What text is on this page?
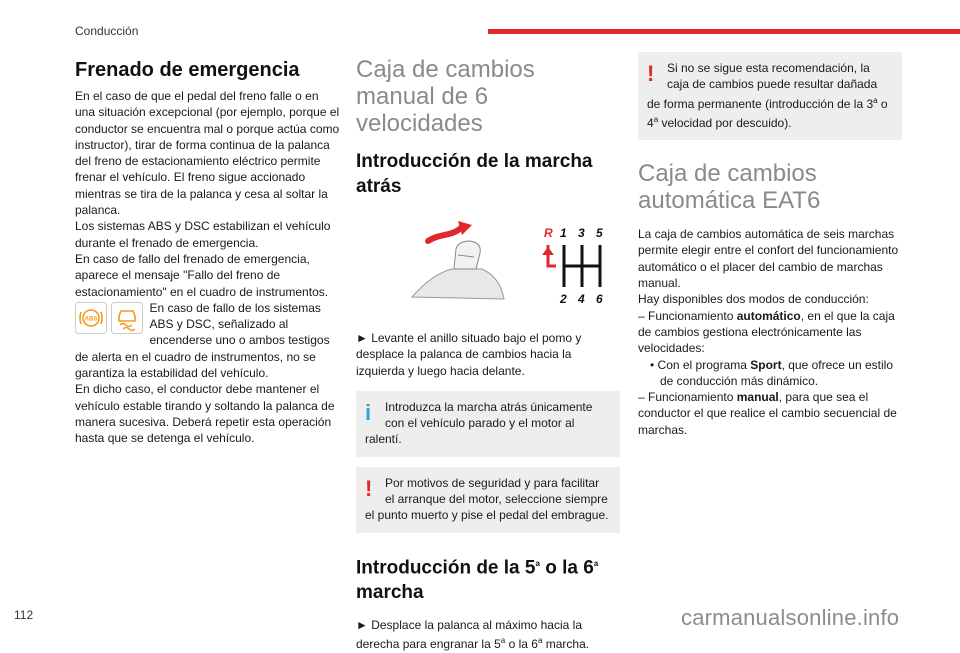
Conducción
Frenado de emergencia

En el caso de que el pedal del freno falle o en una situación excepcional (por ejemplo, porque el conductor se encuentra mal o porque actúa como instructor), tirar de forma continua de la palanca del freno de estacionamiento eléctrico permite frenar el vehículo. El freno sigue accionado mientras se tira de la palanca y cesa al soltar la palanca.

Los sistemas ABS y DSC estabilizan el vehículo durante el frenado de emergencia.

En caso de fallo del frenado de emergencia, aparece el mensaje "Fallo del freno de estacionamiento" en el cuadro de instrumentos.

ABS

En caso de fallo de los sistemas ABS y DSC, señalizado al encenderse uno o ambos testigos de alerta en el cuadro de instrumentos, no se garantiza la estabilidad del vehículo.

En dicho caso, el conductor debe mantener el vehículo estable tirando y soltando la palanca de manera sucesiva. Deberá repetir esta operación hasta que se detenga el vehículo.

Caja de cambios manual de 6 velocidades
Introducción de la marcha atrás
R 1 3 5
2 4 6

► Levante el anillo situado bajo el pomo y desplace la palanca de cambios hacia la izquierda y luego hacia delante.

i	Introduzca la marcha atrás únicamente con el vehículo parado y el motor al ralentí.

!	Por motivos de seguridad y para facilitar el arranque del motor, seleccione siempre el punto muerto y pise el pedal del embrague.

Introducción de la 5$^a$ o la 6$^a$ marcha

► Desplace la palanca al máximo hacia la derecha para engranar la 5$^a$ o la 6$^a$ marcha.

!	Si no se sigue esta recomendación, la caja de cambios puede resultar dañada de forma permanente (introducción de la 3$^a$ o 4$^a$ velocidad por descuido).

Caja de cambios automática EAT6

La caja de cambios automática de seis marchas permite elegir entre el confort del funcionamiento automático o el placer del cambio de marchas manual.

Hay disponibles dos modos de conducción:

– Funcionamiento automático, en el que la caja de cambios gestiona electrónicamente las velocidades:

• Con el programa Sport, que ofrece un estilo de conducción más dinámico.

– Funcionamiento manual, para que sea el conductor el que realice el cambio secuencial de marchas.

112	carmanualsonline.info
